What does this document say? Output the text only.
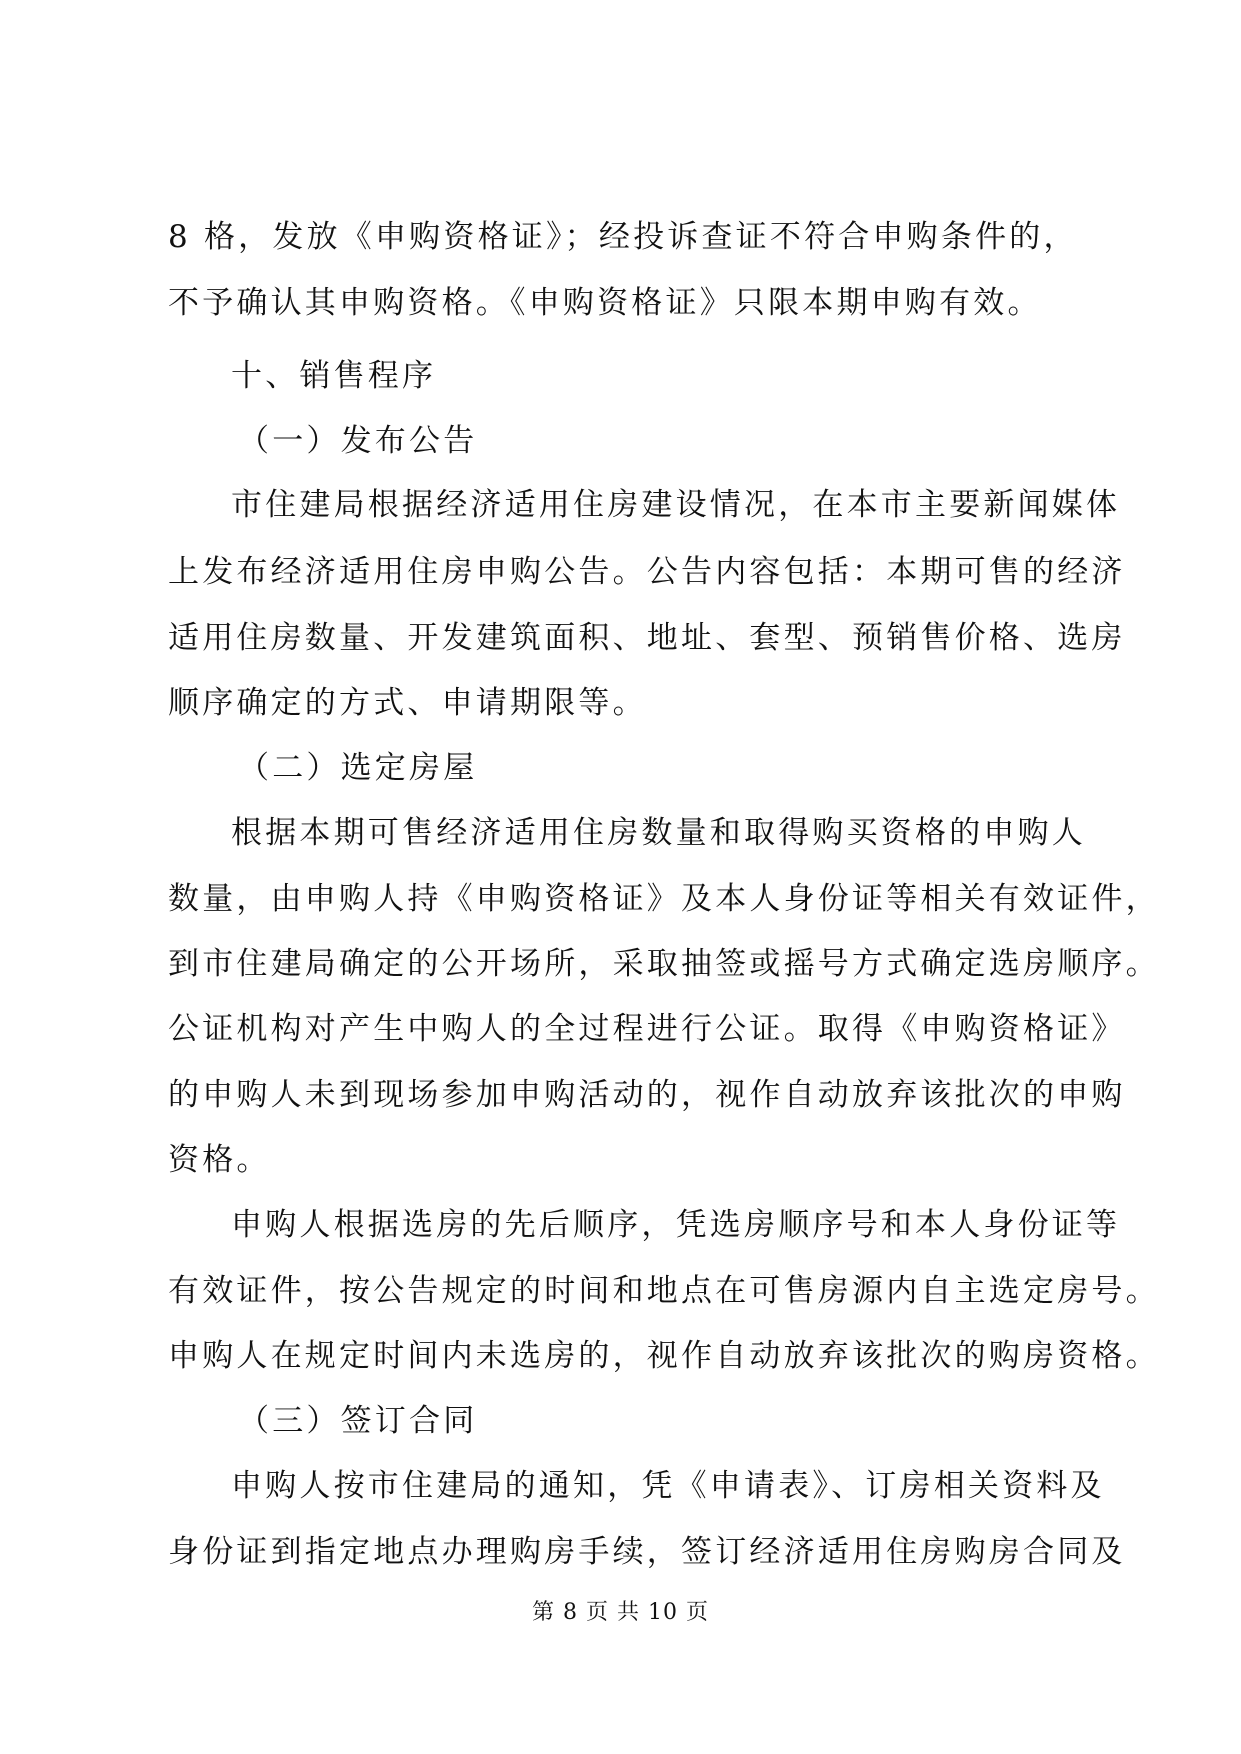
8 格，发放《申购资格证》；经投诉查证不符合申购条件的，
不予确认其申购资格。《申购资格证》只限本期申购有效。
十、销售程序
（一）发布公告
市住建局根据经济适用住房建设情况，在本市主要新闻媒体
上发布经济适用住房申购公告。公告内容包括：本期可售的经济
适用住房数量、开发建筑面积、地址、套型、预销售价格、选房
顺序确定的方式、申请期限等。
（二）选定房屋
根据本期可售经济适用住房数量和取得购买资格的申购人
数量，由申购人持《申购资格证》及本人身份证等相关有效证件，
到市住建局确定的公开场所，采取抽签或摇号方式确定选房顺序。
公证机构对产生中购人的全过程进行公证。取得《申购资格证》
的申购人未到现场参加申购活动的，视作自动放弃该批次的申购
资格。
申购人根据选房的先后顺序，凭选房顺序号和本人身份证等
有效证件，按公告规定的时间和地点在可售房源内自主选定房号。
申购人在规定时间内未选房的，视作自动放弃该批次的购房资格。
（三）签订合同
申购人按市住建局的通知，凭《申请表》、订房相关资料及
身份证到指定地点办理购房手续，签订经济适用住房购房合同及
第 8 页 共 10 页
